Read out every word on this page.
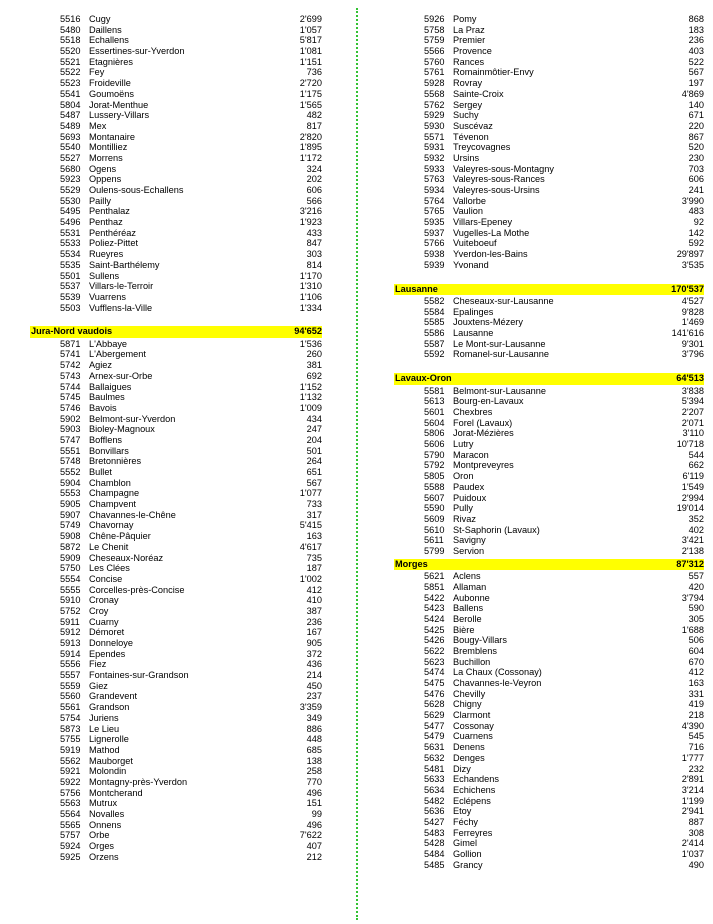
5516 Cugy	2'699
5480 Daillens	1'057
5518 Echallens	5'817
5520 Essertines-sur-Yverdon	1'081
5521 Etagnières	1'151
5522 Fey	736
5523 Froideville	2'720
5541 Goumoëns	1'175
5804 Jorat-Menthue	1'565
5487 Lussery-Villars	482
5489 Mex	817
5693 Montanaire	2'820
5540 Montilliez	1'895
5527 Morrens	1'172
5680 Ogens	324
5923 Oppens	202
5529 Oulens-sous-Echallens	606
5530 Pailly	566
5495 Penthalaz	3'216
5496 Penthaz	1'923
5531 Penthéréaz	433
5533 Poliez-Pittet	847
5534 Rueyres	303
5535 Saint-Barthélemy	814
5501 Sullens	1'170
5537 Villars-le-Terroir	1'310
5539 Vuarrens	1'106
5503 Vufflens-la-Ville	1'334
Jura-Nord vaudois	94'652
5871 L'Abbaye	1'536
5741 L'Abergement	260
5742 Agiez	381
5743 Arnex-sur-Orbe	692
5744 Ballaigues	1'152
5745 Baulmes	1'132
5746 Bavois	1'009
5902 Belmont-sur-Yverdon	434
5903 Bioley-Magnoux	247
5747 Bofflens	204
5551 Bonvillars	501
5748 Bretonnières	264
5552 Bullet	651
5904 Chamblon	567
5553 Champagne	1'077
5905 Champvent	733
5907 Chavannes-le-Chêne	317
5749 Chavornay	5'415
5908 Chêne-Pâquier	163
5872 Le Chenit	4'617
5909 Cheseaux-Noréaz	735
5750 Les Clées	187
5554 Concise	1'002
5555 Corcelles-près-Concise	412
5910 Cronay	410
5752 Croy	387
5911	Cuarny	236
5912 Démoret	167
5913 Donneloye	905
5914 Ependes	372
5556 Fiez	436
5557 Fontaines-sur-Grandson	214
5559 Giez	450
5560 Grandevent	237
5561 Grandson	3'359
5754 Juriens	349
5873 Le Lieu	886
5755 Lignerolle	448
5919 Mathod	685
5562 Mauborget	138
5921 Molondin	258
5922 Montagny-près-Yverdon	770
5756 Montcherand	496
5563 Mutrux	151
5564 Novalles	99
5565 Onnens	496
5757 Orbe	7'622
5924 Orges	407
5925 Orzens	212
5926 Pomy	868
5758 La Praz	183
5759 Premier	236
5566 Provence	403
5760 Rances	522
5761 Romainmôtier-Envy	567
5928 Rovray	197
5568 Sainte-Croix	4'869
5762 Sergey	140
5929 Suchy	671
5930 Suscévaz	220
5571 Tévenon	867
5931 Treycovagnes	520
5932 Ursins	230
5933 Valeyres-sous-Montagny	703
5763 Valeyres-sous-Rances	606
5934 Valeyres-sous-Ursins	241
5764 Vallorbe	3'990
5765 Vaulion	483
5935 Villars-Epeney	92
5937 Vugelles-La Mothe	142
5766 Vuiteboeuf	592
5938 Yverdon-les-Bains	29'897
5939 Yvonand	3'535
Lausanne	170'537
5582 Cheseaux-sur-Lausanne	4'527
5584 Epalinges	9'828
5585 Jouxtens-Mézery	1'469
5586 Lausanne	141'616
5587 Le Mont-sur-Lausanne	9'301
5592 Romanel-sur-Lausanne	3'796
Lavaux-Oron	64'513
5581 Belmont-sur-Lausanne	3'838
5613 Bourg-en-Lavaux	5'394
5601 Chexbres	2'207
5604 Forel (Lavaux)	2'071
5806 Jorat-Mézières	3'110
5606 Lutry	10'718
5790 Maracon	544
5792 Montpreveyres	662
5805 Oron	6'119
5588 Paudex	1'549
5607 Puidoux	2'994
5590 Pully	19'014
5609 Rivaz	352
5610 St-Saphorin (Lavaux)	402
5611	Savigny	3'421
5799 Servion	2'138
Morges	87'312
5621 Aclens	557
5851 Allaman	420
5422 Aubonne	3'794
5423 Ballens	590
5424 Berolle	305
5425 Bière	1'688
5426 Bougy-Villars	506
5622 Bremblens	604
5623 Buchillon	670
5474 La Chaux (Cossonay)	412
5475 Chavannes-le-Veyron	163
5476 Chevilly	331
5628 Chigny	419
5629 Clarmont	218
5477 Cossonay	4'390
5479 Cuarnens	545
5631 Denens	716
5632 Denges	1'777
5481 Dizy	232
5633 Echandens	2'891
5634 Echichens	3'214
5482 Eclépens	1'199
5636 Etoy	2'941
5427 Féchy	887
5483 Ferreyres	308
5428 Gimel	2'414
5484 Gollion	1'037
5485 Grancy	490
